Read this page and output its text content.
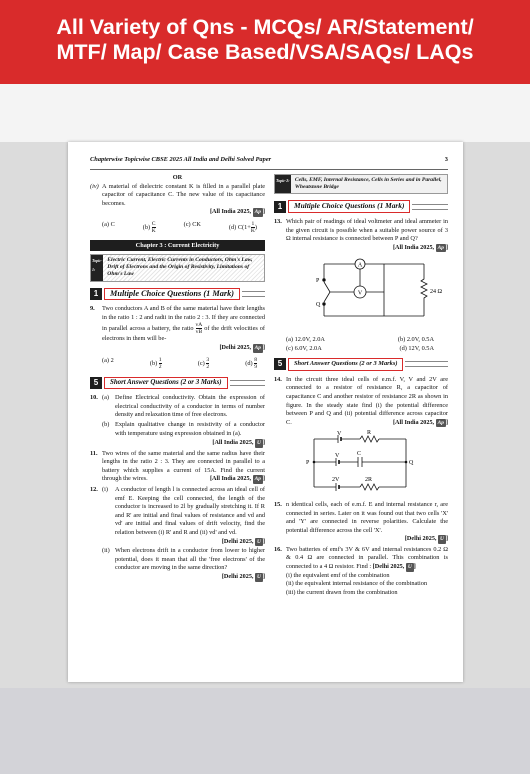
All Variety of Qns - MCQs/ AR/Statement/
MTF/ Map/ Case Based/VSA/SAQs/ LAQs
Chapterwise Topicwise CBSE 2025 All India and Delhi Solved Paper	3
OR
(iv) A material of dielectric constant K is filled in a parallel plate capacitor of capacitance C. The new value of its capacitance becomes.
[All India 2025, Ap ]
(a) C	$(b) \frac{C}{K}$	(c) CK	(d) $C(1+ \frac{1}{K}$ )
Chapter 3 : Current Electricity
Topic-1:
Electric Current, Electric Currents in Conductors, Ohm's Law, Drift of Electrons and the Origin of Resistivity, Limitations of Ohm's Law
1	Multiple Choice Questions (1 Mark)
9. Two conductors A and B of the same material have their lengths in the ratio 1 : 2 and radii in the ratio 2 : 3. If they are connected in parallel across a battery, the ratio $\frac{vA}{vB}$ of the drift velocities of electrons in them will be-
[Delhi 2025, Ap ]
(a) 2	$(b) \frac{1}{2}$	$(c) \frac{3}{2}$	$(d) \frac{8}{9}$
5	Short Answer Questions (2 or 3 Marks)
10. (a) Define Electrical conductivity. Obtain the expression of electrical conductivity of a conductor in terms of number density and relaxation time of free electrons.
(b) Explain qualitative change in resistivity of a conductor with temperature using expression obtained in (a).
[All India 2025, U ]
11. Two wires of the same material and the same radius have their lengths in the ratio 2 : 3. They are connected in parallel to a battery which supplies a current of 15A. Find the current through the wires.	[All India 2025, Ap ]
12. (i) A conductor of length l is connected across an ideal cell of emf E. Keeping the cell connected, the length of the conductor is increased to 2l by gradually stretching it. If R and R' are initial and final values of resistance and vd and vd' are initial and final values of drift velocity, find the relation between (i) R' and R and (ii) vd' and vd.
[Delhi 2025, U ]
(ii) When electrons drift in a conductor from lower to higher potential, does it mean that all the 'free electrons' of the conductor are moving in the same direction?
[Delhi 2025, U ]
Topic-2: Cells, EMF, Internal Resistance, Cells in Series and in Parallel, Wheatstone Bridge
1	Multiple Choice Questions (1 Mark)
13. Which pair of readings of ideal voltmeter and ideal ammeter in the given circuit is possible when a suitable power source of 3 Ω internal resistance is connected between P and Q?
[All India 2025, Ap ]
A
V	24 Ω
P
Q
(a) 12.0V, 2.0A	(b) 2.0V, 0.5A
(c) 6.0V, 2.0A	(d) 12V, 0.5A
5	Short Answer Questions (2 or 3 Marks)
14. In the circuit three ideal cells of e.m.f. V, V and 2V are connected to a resistor of resistance R, a capacitor of capacitance C and another resistor of resistance 2R as shown in figure. In the steady state find (i) the potential difference between P and Q and (ii) potential difference across capacitor C.	[All India 2025, Ap ]
V	R
P	Q
C
V
2V	2R
15. n identical cells, each of e.m.f. E and internal resistance r, are connected in series. Later on it was found out that two cells 'X' and 'Y' are connected in reverse polarities. Calculate the potential difference across the cell 'X'.
[Delhi 2025, U ]
16. Two batteries of emf's 3V & 6V and internal resistances 0.2 Ω & 0.4 Ω are connected in parallel. This combination is connected to a 4 Ω resistor. Find : [Delhi 2025, U ]
(i) the equivalent emf of the combination
(ii) the equivalent internal resistance of the combination
(iii) the current drawn from the combination
